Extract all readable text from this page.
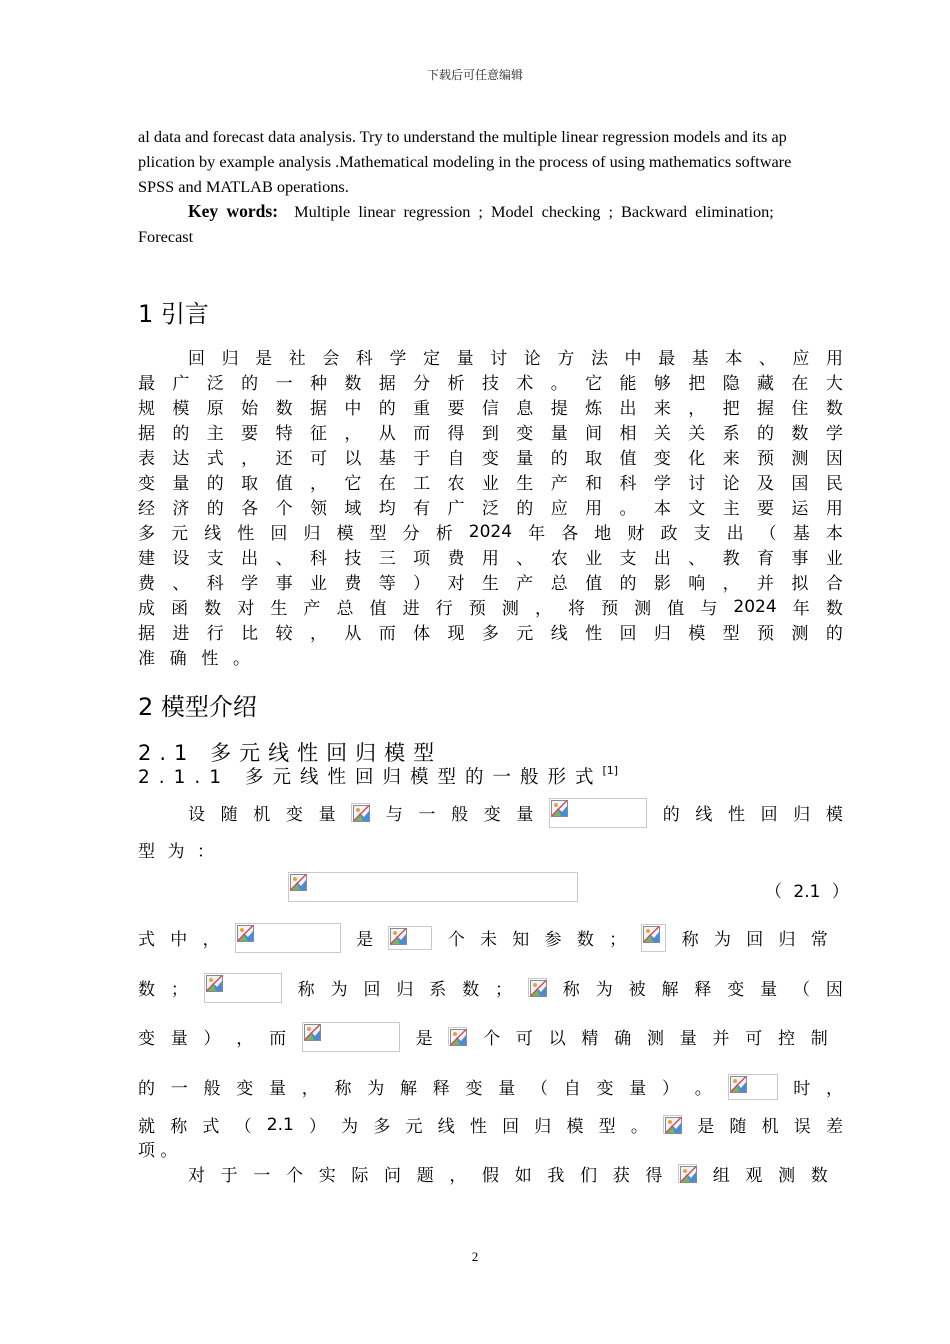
下载后可任意编辑
al data and forecast data analysis. Try to understand the multiple linear regression models and its ap
plication by example analysis .Mathematical modeling in the process of using mathematics software
SPSS and MATLAB operations.
Key words: Multiple linear regression ; Model checking ; Backward elimination;
Forecast
1 引言
回 归 是 社 会 科 学 定 量 讨 论 方 法 中 最 基 本 、 应 用
最 广 泛 的 一 种 数 据 分 析 技 术 。 它 能 够 把 隐 藏 在 大
规 模 原 始 数 据 中 的 重 要 信 息 提 炼 出 来 ， 把 握 住 数
据 的 主 要 特 征 ， 从 而 得 到 变 量 间 相 关 关 系 的 数 学
表 达 式 ， 还 可 以 基 于 自 变 量 的 取 值 变 化 来 预 测 因
变 量 的 取 值 ， 它 在 工 农 业 生 产 和 科 学 讨 论 及 国 民
经 济 的 各 个 领 域 均 有 广 泛 的 应 用 。 本 文 主 要 运 用
多 元 线 性 回 归 模 型 分 析 2024 年 各 地 财 政 支 出 （ 基 本
建 设 支 出 、 科 技 三 项 费 用 、 农 业 支 出 、 教 育 事 业
费 、 科 学 事 业 费 等 ） 对 生 产 总 值 的 影 响 ， 并 拟 合
成 函 数 对 生 产 总 值 进 行 预 测 ， 将 预 测 值 与 2024 年 数
据 进 行 比 较 ， 从 而 体 现 多 元 线 性 回 归 模 型 预 测 的
准 确 性 。
2 模型介绍
2.1 多元线性回归模型
2.1.1 多元线性回归模型的一般形式[1]
设 随 机 变 量	与 一 般 变 量	的 线 性 回 归 模
型 为 ：
式 中 ，	是	个 未 知 参 数 ；	称 为 回 归 常
数 ；	称 为 回 归 系 数 ；	称 为 被 解 释 变 量 （ 因
变 量 ） ， 而	是	个 可 以 精 确 测 量 并 可 控 制
的 一 般 变 量 ， 称 为 解 释 变 量 （ 自 变 量 ） 。	时 ，
就 称 式 （ 2.1 ） 为 多 元 线 性 回 归 模 型 。	是 随 机 误 差
项 。
对 于 一 个 实 际 问 题 ， 假 如 我 们 获 得	组 观 测 数
（ 2.1 ）
2
